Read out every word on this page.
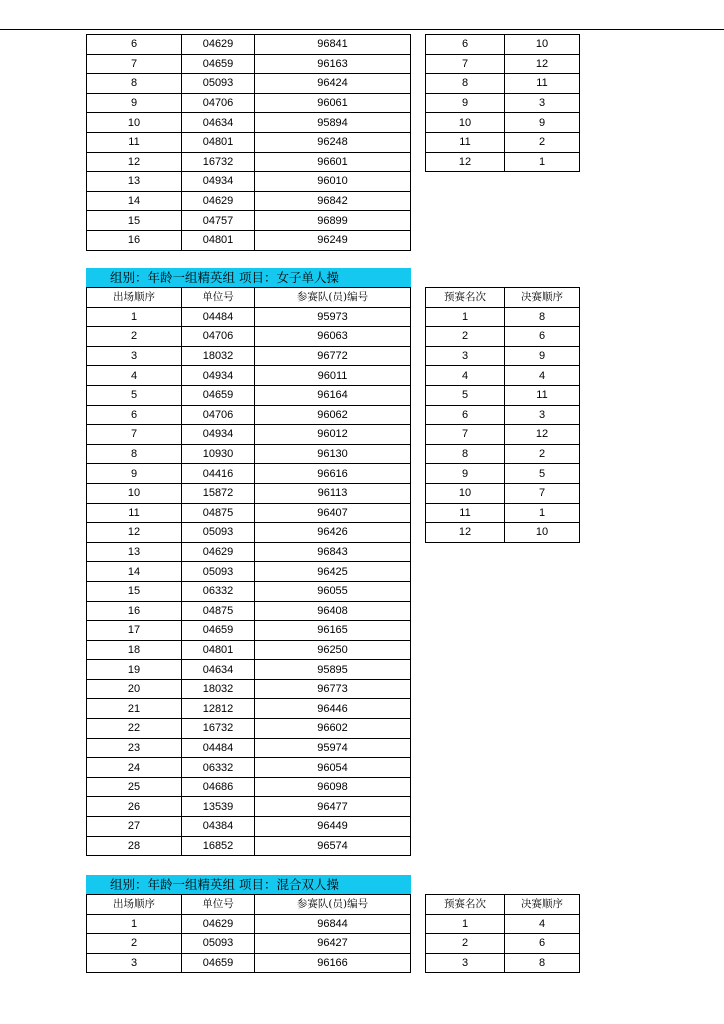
6	04629	96841
7	04659	96163
8	05093	96424
9	04706	96061
10	04634	95894
11	04801	96248
12	16732	96601
13	04934	96010
14	04629	96842
15	04757	96899
16	04801	96249
6	10
7	12
8	11
9	3
10	9
11	2
12	1
组别：年龄一组精英组 项目：女子单人操
出场顺序	单位号	参赛队(员)编号
1	04484	95973
2	04706	96063
3	18032	96772
4	04934	96011
5	04659	96164
6	04706	96062
7	04934	96012
8	10930	96130
9	04416	96616
10	15872	96113
11	04875	96407
12	05093	96426
13	04629	96843
14	05093	96425
15	06332	96055
16	04875	96408
17	04659	96165
18	04801	96250
19	04634	95895
20	18032	96773
21	12812	96446
22	16732	96602
23	04484	95974
24	06332	96054
25	04686	96098
26	13539	96477
27	04384	96449
28	16852	96574
预赛名次	决赛顺序
1	8
2	6
3	9
4	4
5	11
6	3
7	12
8	2
9	5
10	7
11	1
12	10
组别：年龄一组精英组 项目：混合双人操
出场顺序	单位号	参赛队(员)编号
1	04629	96844
2	05093	96427
3	04659	96166
预赛名次	决赛顺序
1	4
2	6
3	8
